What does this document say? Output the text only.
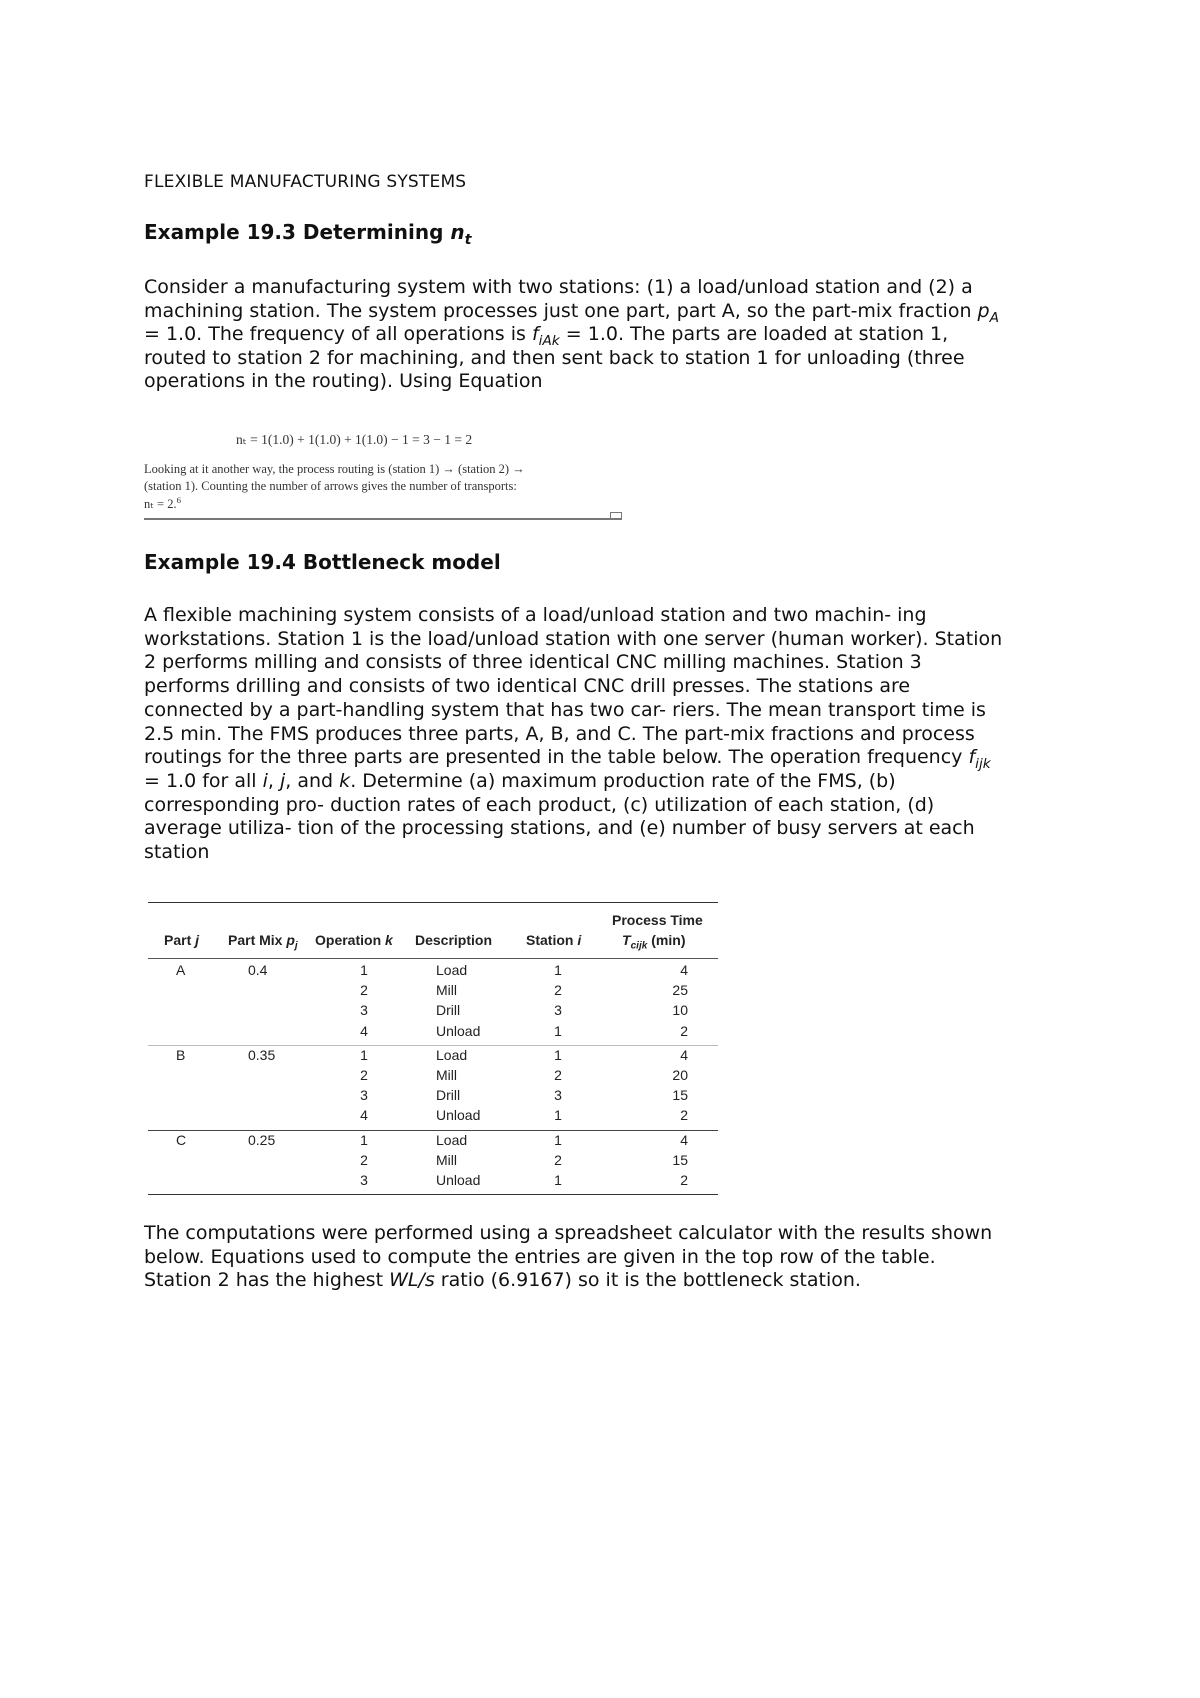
FLEXIBLE MANUFACTURING SYSTEMS
Example 19.3 Determining $n_t$
Consider a manufacturing system with two stations: (1) a load/unload station and (2) a
machining station. The system processes just one part, part A, so the part-mix fraction $p_A$
= 1.0. The frequency of all operations is $f_{iAk} = 1.0$. The parts are loaded at station 1,
routed to station 2 for machining, and then sent back to station 1 for unloading (three
operations in the routing). Using Equation
nₜ = 1(1.0) + 1(1.0) + 1(1.0) − 1 = 3 − 1 = 2
Looking at it another way, the process routing is (station 1) → (station 2) →
(station 1). Counting the number of arrows gives the number of transports:
nₜ = 2.$^6$
Example 19.4 Bottleneck model
A flexible machining system consists of a load/unload station and two machin- ing
workstations. Station 1 is the load/unload station with one server (human worker). Station
2 performs milling and consists of three identical CNC milling machines. Station 3
performs drilling and consists of two identical CNC drill presses. The stations are
connected by a part-handling system that has two car- riers. The mean transport time is
2.5 min. The FMS produces three parts, A, B, and C. The part-mix fractions and process
routings for the three parts are presented in the table below. The operation frequency $f_{ijk}$
= 1.0 for all i, j, and k. Determine (a) maximum production rate of the FMS, (b)
corresponding pro- duction rates of each product, (c) utilization of each station, (d)
average utiliza- tion of the processing stations, and (e) number of busy servers at each
station
Part j Part Mix $p_j$ Operation k Description Station i
Process Time
$T_{cijk}$ (min)
A	0.4	1	Load	1	4
2	Mill	2	25
3	Drill	3	10
4	Unload	1	2
B	0.35	1	Load	1	4
2	Mill	2	20
3	Drill	3	15
4	Unload	1	2
C	0.25	1	Load	1	4
2	Mill	2	15
3	Unload	1	2
The computations were performed using a spreadsheet calculator with the results shown
below. Equations used to compute the entries are given in the top row of the table.
Station 2 has the highest WL/s ratio (6.9167) so it is the bottleneck station.
